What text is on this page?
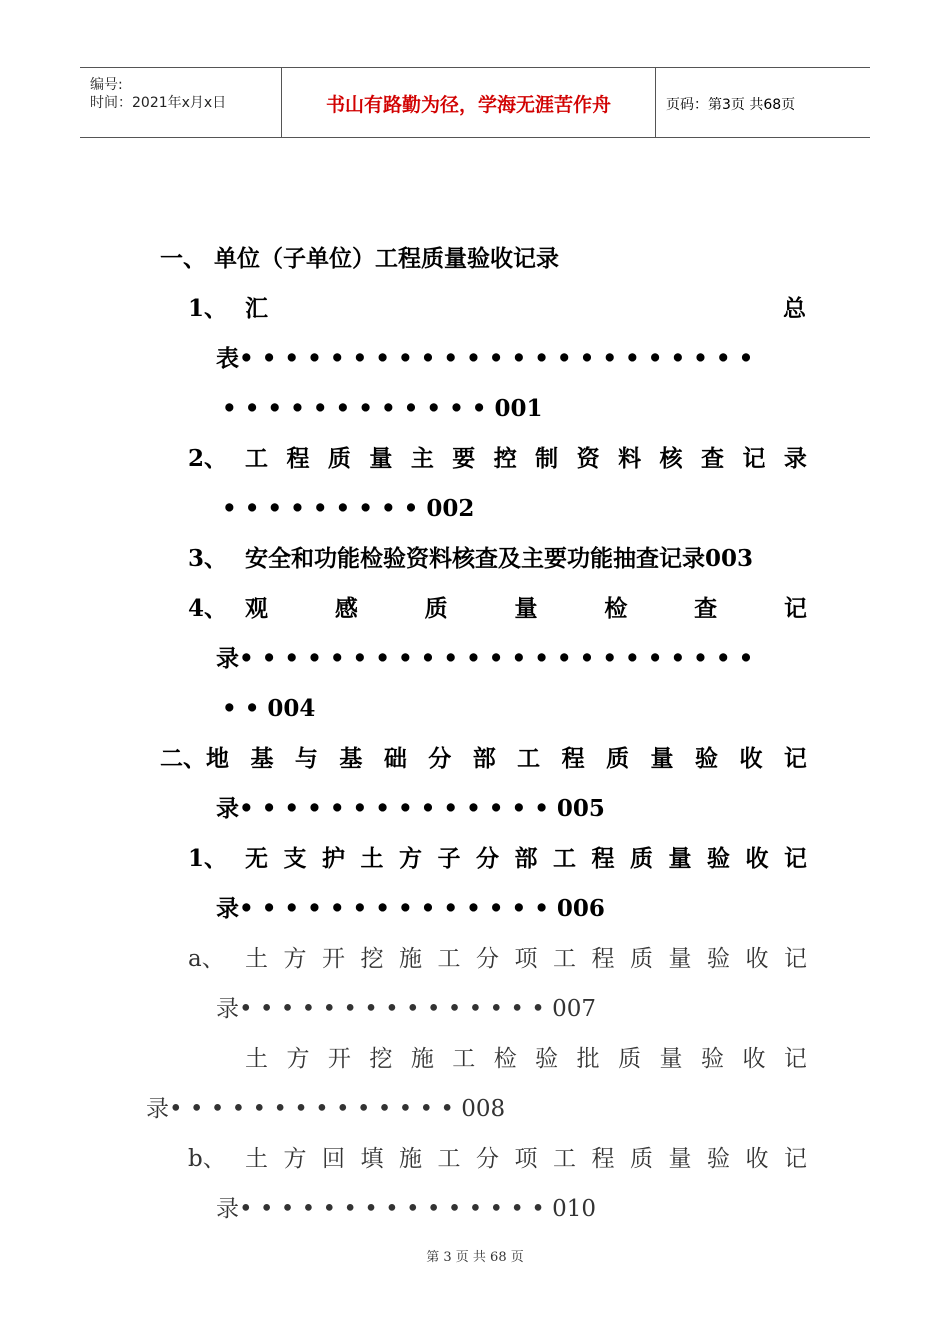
编号:
时间：2021年x月x日	书山有路勤为径，学海无涯苦作舟	页码：第3页 共68页
一、 单位（子单位）工程质量验收记录
1、 汇	总
表• • • • • • • • • • • • • • • • • • • • • • •
• • • • • • • • • • • • 001
2、 工 程 质 量 主 要 控 制 资 料 核 查 记 录
• • • • • • • • • 002
3、 安全和功能检验资料核查及主要功能抽查记录003
4、 观	感	质	量	检	查	记
录• • • • • • • • • • • • • • • • • • • • • • •
• • 004
二、地 基 与 基 础 分 部 工 程 质 量 验 收 记
录• • • • • • • • • • • • • • 005
1、 无 支 护 土 方 子 分 部 工 程 质 量 验 收 记
录• • • • • • • • • • • • • • 006
a、 土 方 开 挖 施 工 分 项 工 程 质 量 验 收 记
录• • • • • • • • • • • • • • • 007
土 方 开 挖 施 工 检 验 批 质 量 验 收 记
录• • • • • • • • • • • • • • 008
b、 土 方 回 填 施 工 分 项 工 程 质 量 验 收 记
录• • • • • • • • • • • • • • • 010
第 3 页 共 68 页
